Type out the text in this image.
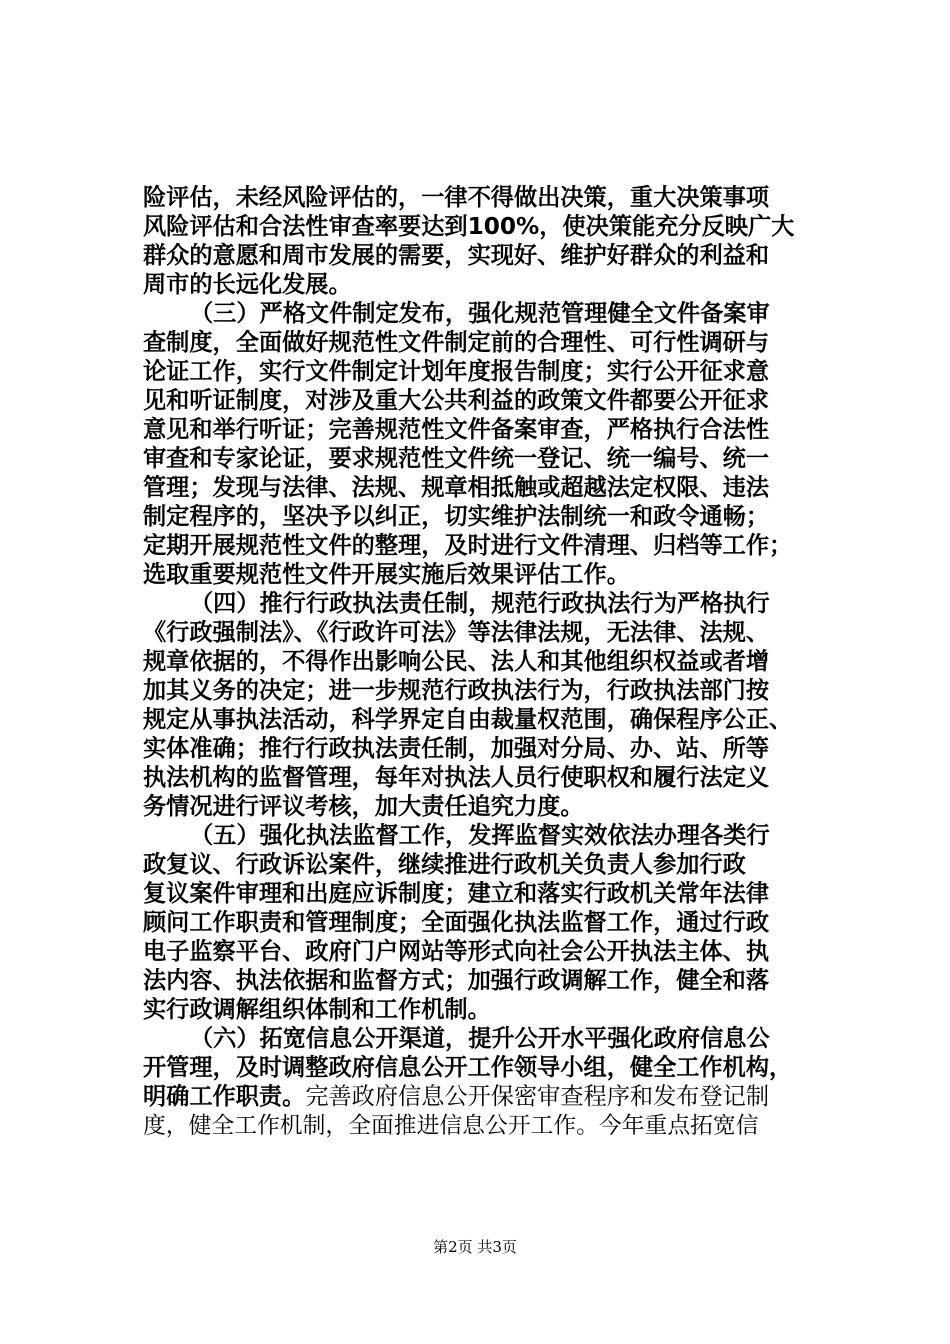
险评估，未经风险评估的，一律不得做出决策，重大决策事项
风险评估和合法性审查率要达到100%，使决策能充分反映广大
群众的意愿和周市发展的需要，实现好、维护好群众的利益和
周市的长远化发展。
（三）严格文件制定发布，强化规范管理健全文件备案审
查制度，全面做好规范性文件制定前的合理性、可行性调研与
论证工作，实行文件制定计划年度报告制度；实行公开征求意
见和听证制度，对涉及重大公共利益的政策文件都要公开征求
意见和举行听证；完善规范性文件备案审查，严格执行合法性
审查和专家论证，要求规范性文件统一登记、统一编号、统一
管理；发现与法律、法规、规章相抵触或超越法定权限、违法
制定程序的，坚决予以纠正，切实维护法制统一和政令通畅；
定期开展规范性文件的整理，及时进行文件清理、归档等工作；
选取重要规范性文件开展实施后效果评估工作。
（四）推行行政执法责任制，规范行政执法行为严格执行
《行政强制法》、《行政许可法》等法律法规，无法律、法规、
规章依据的，不得作出影响公民、法人和其他组织权益或者增
加其义务的决定；进一步规范行政执法行为，行政执法部门按
规定从事执法活动，科学界定自由裁量权范围，确保程序公正、
实体准确；推行行政执法责任制，加强对分局、办、站、所等
执法机构的监督管理，每年对执法人员行使职权和履行法定义
务情况进行评议考核，加大责任追究力度。
（五）强化执法监督工作，发挥监督实效依法办理各类行
政复议、行政诉讼案件，继续推进行政机关负责人参加行政
复议案件审理和出庭应诉制度；建立和落实行政机关常年法律
顾问工作职责和管理制度；全面强化执法监督工作，通过行政
电子监察平台、政府门户网站等形式向社会公开执法主体、执
法内容、执法依据和监督方式；加强行政调解工作，健全和落
实行政调解组织体制和工作机制。
（六）拓宽信息公开渠道，提升公开水平强化政府信息公
开管理，及时调整政府信息公开工作领导小组，健全工作机构，
明确工作职责。完善政府信息公开保密审查程序和发布登记制
度，健全工作机制，全面推进信息公开工作。今年重点拓宽信
第2页 共3页
